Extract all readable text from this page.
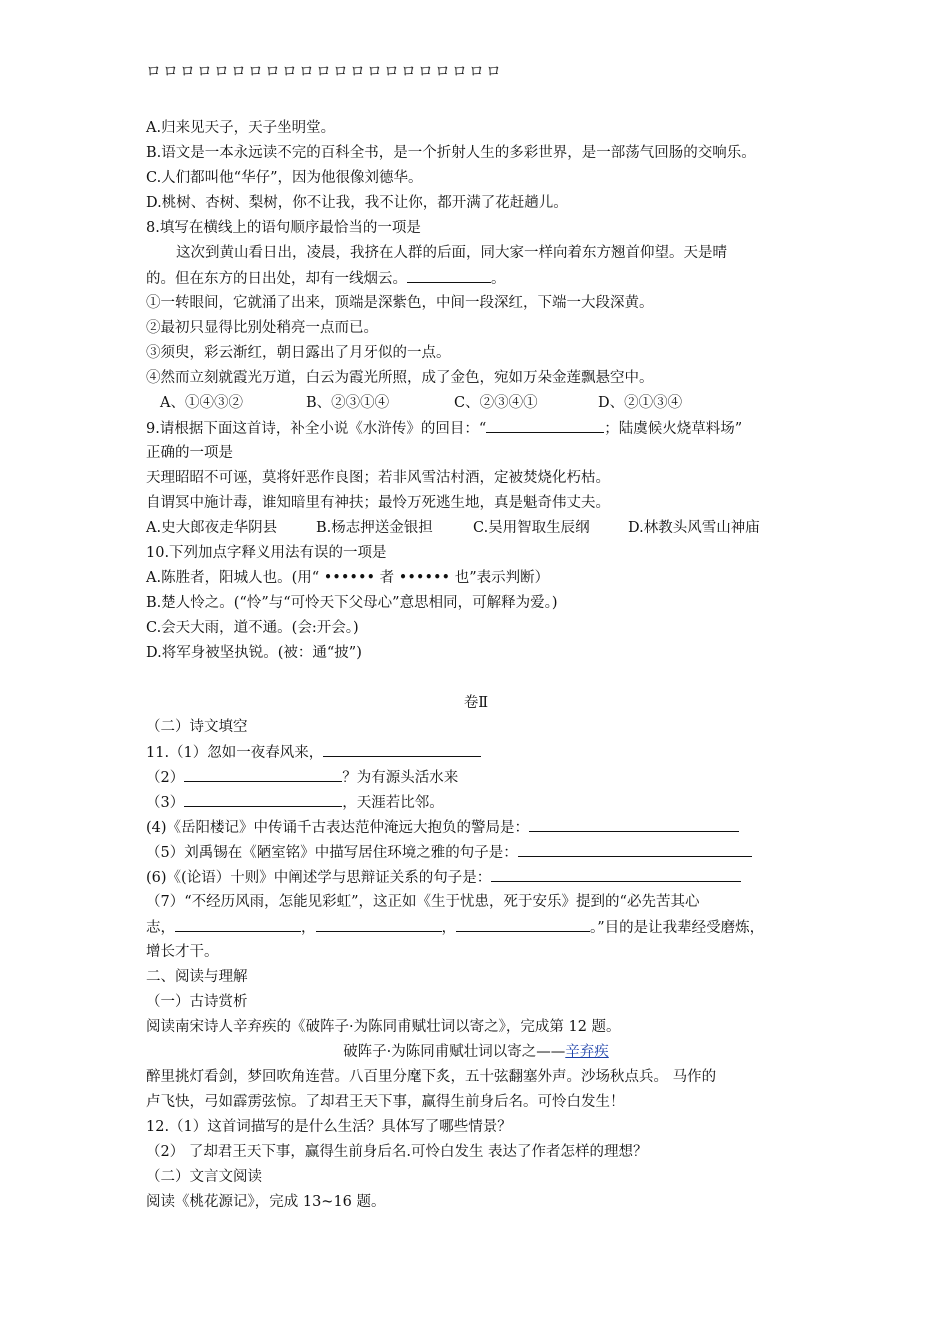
ロロロロロロロロロロロロロロロロロロロロロ
A.归来见天子，天子坐明堂。
B.语文是一本永远读不完的百科全书，是一个折射人生的多彩世界，是一部荡气回肠的交响乐。
C.人们都叫他“华仔”，因为他很像刘德华。
D.桃树、杏树、梨树，你不让我，我不让你，都开满了花赶趟儿。
8.填写在横线上的语句顺序最恰当的一项是
这次到黄山看日出，凌晨，我挤在人群的后面，同大家一样向着东方翘首仰望。天是晴
的。但在东方的日出处，却有一线烟云。	。
①一转眼间，它就涌了出来，顶端是深紫色，中间一段深红，下端一大段深黄。
②最初只显得比别处稍亮一点而已。
③须臾，彩云渐红，朝日露出了月牙似的一点。
④然而立刻就霞光万道，白云为霞光所照，成了金色，宛如万朵金莲飘悬空中。
A、①④③②	B、②③①④	C、②③④①	D、②①③④
9.请根据下面这首诗，补全小说《水浒传》的回目：“	；陆虞候火烧草料场”
正确的一项是
天理昭昭不可诬，莫将奸恶作良图；若非风雪沽村酒，定被焚烧化朽枯。
自谓冥中施计毒，谁知暗里有神扶；最怜万死逃生地，真是魁奇伟丈夫。
A.史大郎夜走华阴县	B.杨志押送金银担	C.吴用智取生辰纲	D.林教头风雪山神庙
10.下列加点字释义用法有误的一项是
A.陈胜者，阳城人也。(用“ •••••• 者 •••••• 也”表示判断）
B.楚人怜之。(“怜”与“可怜天下父母心”意思相同，可解释为爱。)
C.会天大雨，道不通。(会:开会。)
D.将军身被坚执锐。(被：通“披”)
卷Ⅱ
（二）诗文填空
11.（1）忽如一夜春风来，
（2）	？为有源头活水来
（3）	，天涯若比邻。
(4)《岳阳楼记》中传诵千古表达范仲淹远大抱负的警局是：
（5）刘禹锡在《陋室铭》中描写居住环境之雅的句子是：
(6)《(论语）十则》中阐述学与思辩证关系的句子是：
（7）“不经历风雨，怎能见彩虹”，这正如《生于忧患，死于安乐》提到的“必先苦其心
志，	，	，	。”目的是让我辈经受磨炼，
增长才干。
二、阅读与理解
（一）古诗赏析
阅读南宋诗人辛弃疾的《破阵子·为陈同甫赋壮词以寄之》，完成第 12 题。
破阵子·为陈同甫赋壮词以寄之——辛弃疾
醉里挑灯看剑，梦回吹角连营。八百里分麾下炙，五十弦翻塞外声。沙场秋点兵。 马作的
卢飞快，弓如霹雳弦惊。了却君王天下事，赢得生前身后名。可怜白发生！
12.（1）这首词描写的是什么生活？具体写了哪些情景？
（2） 了却君王天下事，赢得生前身后名.可怜白发生 表达了作者怎样的理想？
（二）文言文阅读
阅读《桃花源记》，完成 13~16 题。
